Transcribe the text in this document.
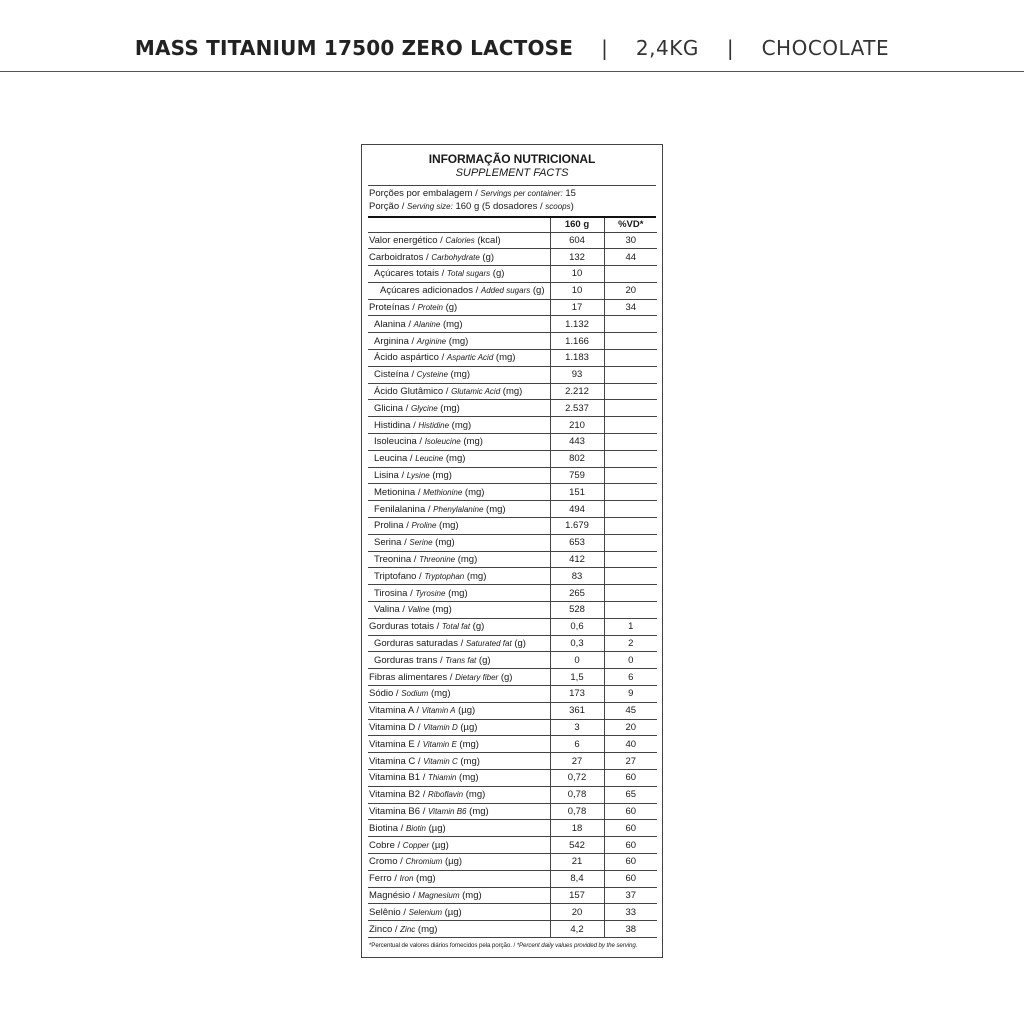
MASS TITANIUM 17500 ZERO LACTOSE | 2,4KG | CHOCOLATE
INFORMAÇÃO NUTRICIONAL
SUPPLEMENT FACTS
Porções por embalagem / Servings per container: 15
Porção / Serving size: 160 g (5 dosadores / scoops)
	160 g	%VD*
Valor energético / Calories (kcal)	604	30
Carboidratos / Carbohydrate (g)	132	44
Açúcares totais / Total sugars (g)	10	
Açúcares adicionados / Added sugars (g)	10	20
Proteínas / Protein (g)	17	34
Alanina / Alanine (mg)	1.132	
Arginina / Arginine (mg)	1.166	
Ácido aspártico / Aspartic Acid (mg)	1.183	
Cisteína / Cysteine (mg)	93	
Ácido Glutâmico / Glutamic Acid (mg)	2.212	
Glicina / Glycine (mg)	2.537	
Histidina / Histidine (mg)	210	
Isoleucina / Isoleucine (mg)	443	
Leucina / Leucine (mg)	802	
Lisina / Lysine (mg)	759	
Metionina / Methionine (mg)	151	
Fenilalanina / Phenylalanine (mg)	494	
Prolina / Proline (mg)	1.679	
Serina / Serine (mg)	653	
Treonina / Threonine (mg)	412	
Triptofano / Tryptophan (mg)	83	
Tirosina / Tyrosine (mg)	265	
Valina / Valine (mg)	528	
Gorduras totais / Total fat (g)	0,6	1
Gorduras saturadas / Saturated fat (g)	0,3	2
Gorduras trans / Trans fat (g)	0	0
Fibras alimentares / Dietary fiber (g)	1,5	6
Sódio / Sodium (mg)	173	9
Vitamina A / Vitamin A (µg)	361	45
Vitamina D / Vitamin D (µg)	3	20
Vitamina E / Vitamin E (mg)	6	40
Vitamina C / Vitamin C (mg)	27	27
Vitamina B1 / Thiamin (mg)	0,72	60
Vitamina B2 / Riboflavin (mg)	0,78	65
Vitamina B6 / Vitamin B6 (mg)	0,78	60
Biotina / Biotin (µg)	18	60
Cobre / Copper (µg)	542	60
Cromo / Chromium (µg)	21	60
Ferro / Iron (mg)	8,4	60
Magnésio / Magnesium (mg)	157	37
Selênio / Selenium (µg)	20	33
Zinco / Zinc (mg)	4,2	38
*Percentual de valores diários fornecidos pela porção. / *Percent daily values provided by the serving.
